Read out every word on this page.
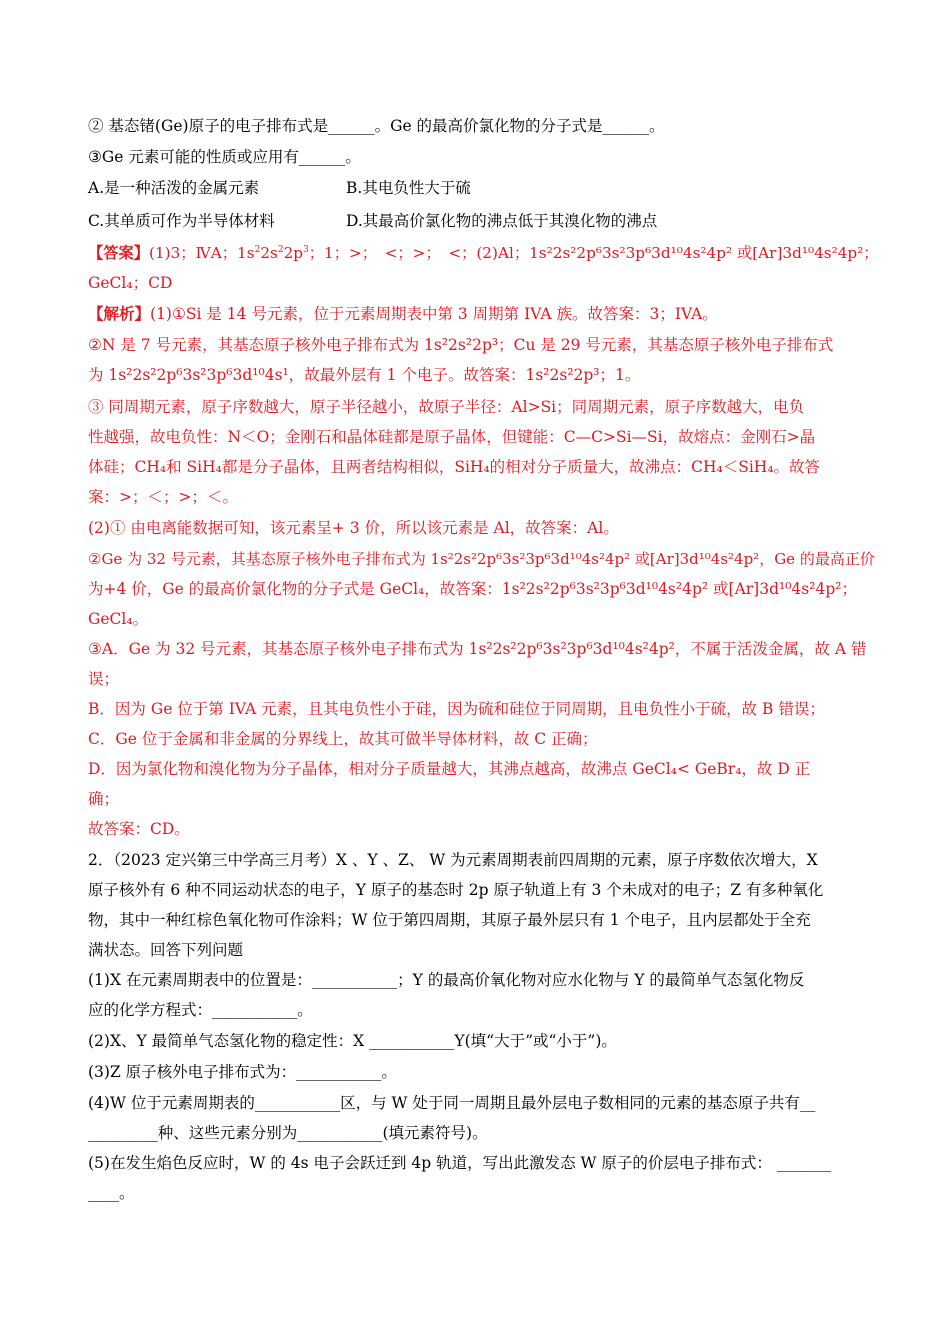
② 基态锗(Ge)原子的电子排布式是______。Ge 的最高价氯化物的分子式是______。
③Ge 元素可能的性质或应用有______。
A.是一种活泼的金属元素	B.其电负性大于硫
C.其单质可作为半导体材料	D.其最高价氯化物的沸点低于其溴化物的沸点
【答案】(1)3；ⅣA；$1s^22s^22p^3$；1；>；　<；>；　<；(2)Al；1s²2s²2p⁶3s²3p⁶3d¹⁰4s²4p² 或[Ar]3d¹⁰4s²4p²；
GeCl₄；CD
【解析】(1)①Si 是 14 号元素，位于元素周期表中第 3 周期第 IVA 族。故答案：3；IVA。
②N 是 7 号元素，其基态原子核外电子排布式为 1s²2s²2p³；Cu 是 29 号元素，其基态原子核外电子排布式
为 1s²2s²2p⁶3s²3p⁶3d¹⁰4s¹，故最外层有 1 个电子。故答案：1s²2s²2p³；1。
③ 同周期元素，原子序数越大，原子半径越小，故原子半径：Al>Si；同周期元素，原子序数越大，电负
性越强，故电负性：N＜O；金刚石和晶体硅都是原子晶体，但键能：C—C>Si—Si，故熔点：金刚石>晶
体硅；CH₄和 SiH₄都是分子晶体，且两者结构相似，SiH₄的相对分子质量大，故沸点：CH₄＜SiH₄。故答
案：>；＜；>；＜。
(2)① 由电离能数据可知，该元素呈+ 3 价，所以该元素是 Al，故答案：Al。
②Ge 为 32 号元素，其基态原子核外电子排布式为 1s²2s²2p⁶3s²3p⁶3d¹⁰4s²4p² 或[Ar]3d¹⁰4s²4p²，Ge 的最高正价
为+4 价，Ge 的最高价氯化物的分子式是 GeCl₄，故答案：1s²2s²2p⁶3s²3p⁶3d¹⁰4s²4p² 或[Ar]3d¹⁰4s²4p²；
GeCl₄。
③A．Ge 为 32 号元素，其基态原子核外电子排布式为 1s²2s²2p⁶3s²3p⁶3d¹⁰4s²4p²，不属于活泼金属，故 A 错
误；
B．因为 Ge 位于第 IVA 元素，且其电负性小于硅，因为硫和硅位于同周期，且电负性小于硫，故 B 错误；
C．Ge 位于金属和非金属的分界线上，故其可做半导体材料，故 C 正确；
D．因为氯化物和溴化物为分子晶体，相对分子质量越大，其沸点越高，故沸点 GeCl₄< GeBr₄，故 D 正
确；
故答案：CD。
2．（2023 定兴第三中学高三月考）X 、Y 、Z、 W 为元素周期表前四周期的元素，原子序数依次增大，X
原子核外有 6 种不同运动状态的电子，Y 原子的基态时 2p 原子轨道上有 3 个未成对的电子；Z 有多种氧化
物，其中一种红棕色氧化物可作涂料；W 位于第四周期，其原子最外层只有 1 个电子，且内层都处于全充
满状态。回答下列问题
(1)X 在元素周期表中的位置是：___________；Y 的最高价氧化物对应水化物与 Y 的最简单气态氢化物反
应的化学方程式：___________。
(2)X、Y 最简单气态氢化物的稳定性：X ___________Y(填“大于”或“小于”)。
(3)Z 原子核外电子排布式为：___________。
(4)W 位于元素周期表的___________区，与 W 处于同一周期且最外层电子数相同的元素的基态原子共有__
_________种、这些元素分别为___________(填元素符号)。
(5)在发生焰色反应时，W 的 4s 电子会跃迁到 4p 轨道，写出此激发态 W 原子的价层电子排布式： _______
____。
